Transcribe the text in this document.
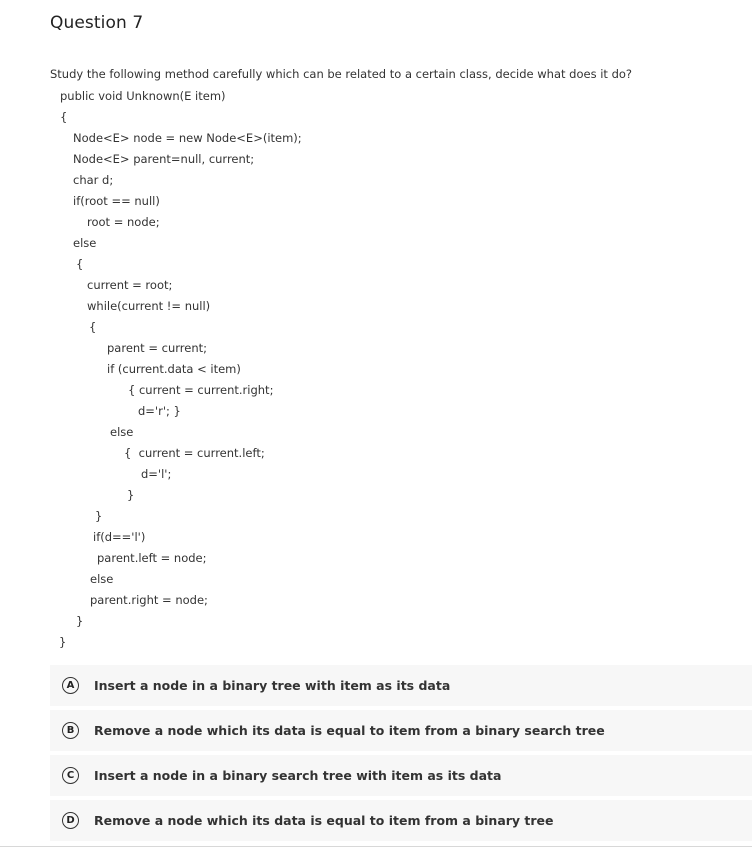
Question 7
Study the following method carefully which can be related to a certain class, decide what does it do?
public void Unknown(E item)
{
Node<E> node = new Node<E>(item);
Node<E> parent=null, current;
char d;
if(root == null)
root = node;
else
{
current = root;
while(current != null)
{
parent = current;
if (current.data < item)
{ current = current.right;
d='r'; }
else
{  current = current.left;
d='l';
}
}
if(d=='l')
parent.left = node;
else
parent.right = node;
}
}
A	Insert a node in a binary tree with item as its data
B	Remove a node which its data is equal to item from a binary search tree
C	Insert a node in a binary search tree with item as its data
D	Remove a node which its data is equal to item from a binary tree
